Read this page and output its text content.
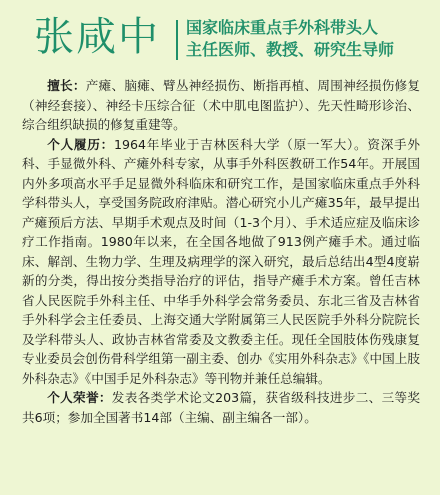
张咸中 国家临床重点手外科带头人
主任医师、教授、研究生导师

擅长：产瘫、脑瘫、臂丛神经损伤、断指再植、周围神经损伤修复（神经套接）、神经卡压综合征（术中肌电图监护）、先天性畸形诊治、综合组织缺损的修复重建等。

个人履历：1964年毕业于吉林医科大学（原一军大）。资深手外科、手显微外科、产瘫外科专家，从事手外科医教研工作54年。开展国内外多项高水平手足显微外科临床和研究工作，是国家临床重点手外科学科带头人，享受国务院政府津贴。潜心研究小儿产瘫35年，最早提出产瘫预后方法、早期手术观点及时间（1-3个月）、手术适应症及临床诊疗工作指南。1980年以来，在全国各地做了913例产瘫手术。通过临床、解剖、生物力学、生理及病理学的深入研究，最后总结出4型4度崭新的分类，得出按分类指导治疗的评估，指导产瘫手术方案。曾任吉林省人民医院手外科主任、中华手外科学会常务委员、东北三省及吉林省手外科学会主任委员、上海交通大学附属第三人民医院手外科分院院长及学科带头人、政协吉林省常委及文教委主任。现任全国肢体伤残康复专业委员会创伤骨科学组第一副主委、创办《实用外科杂志》《中国上肢外科杂志》《中国手足外科杂志》等刊物并兼任总编辑。

个人荣誉：发表各类学术论文203篇，获省级科技进步二、三等奖共6项；参加全国著书14部（主编、副主编各一部）。
